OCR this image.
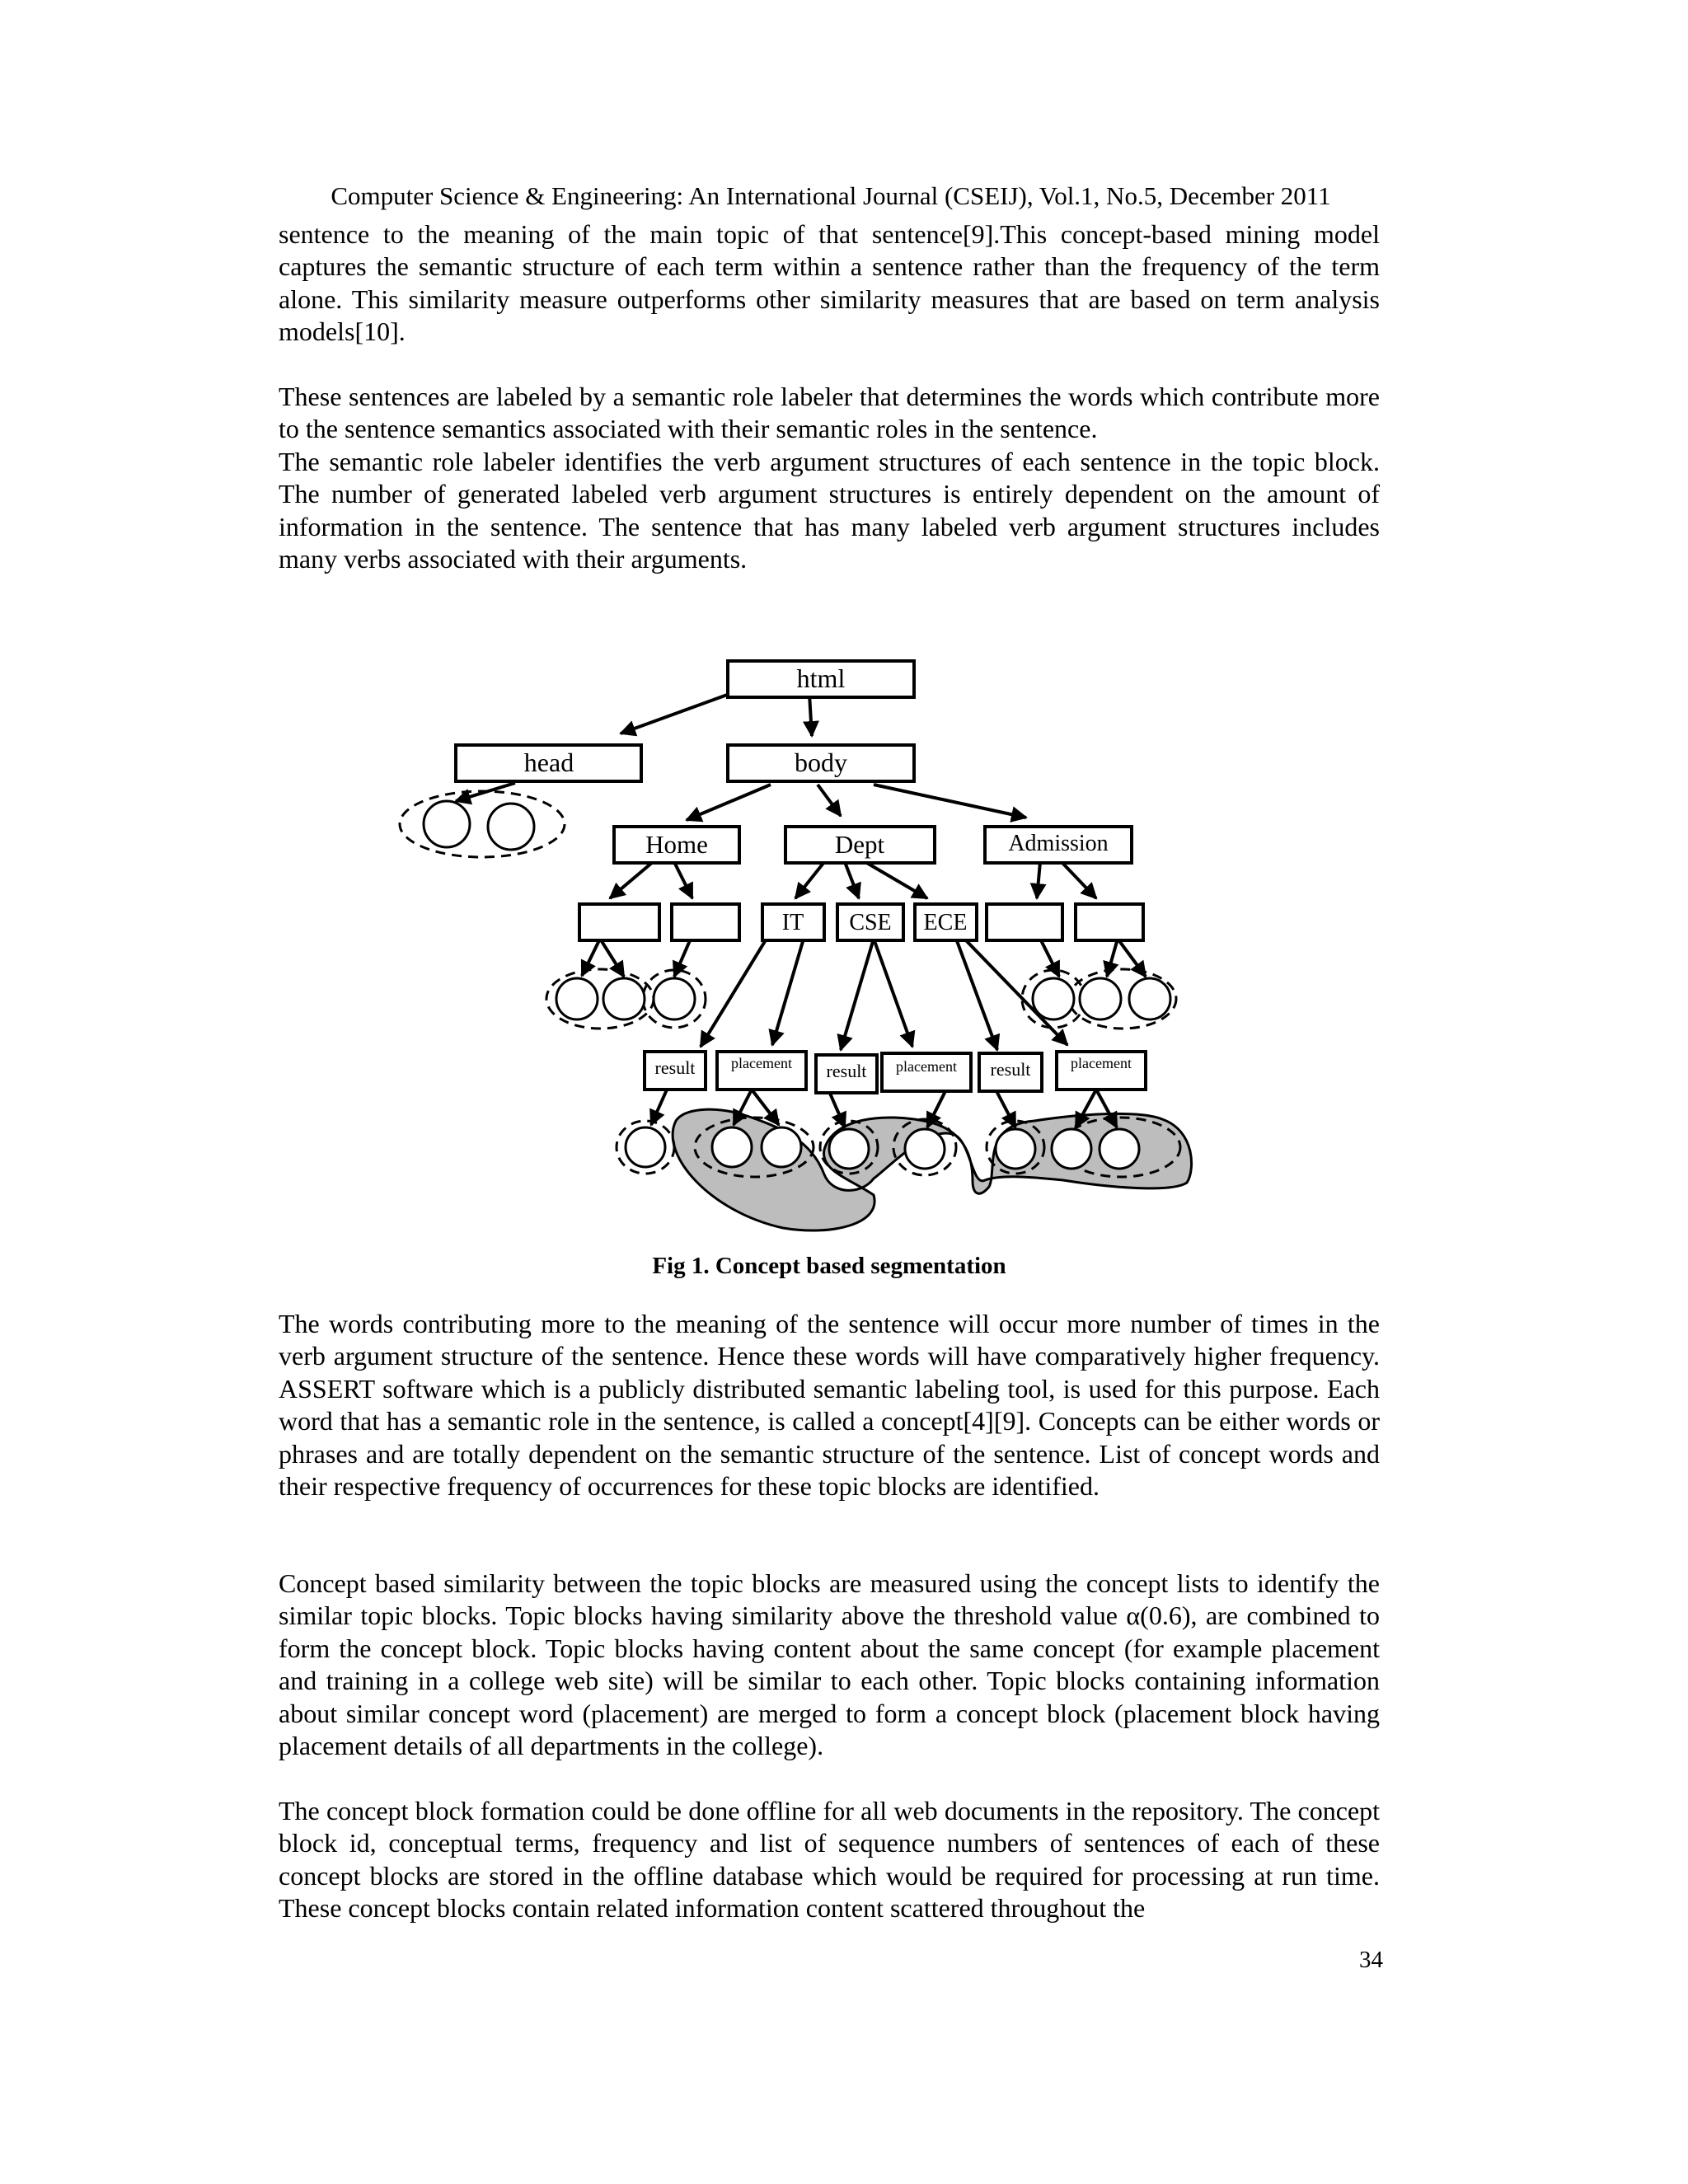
Computer Science & Engineering: An International Journal (CSEIJ), Vol.1, No.5, December 2011

sentence to the meaning of the main topic of that sentence[9].This concept-based mining model captures the semantic structure of each term within a sentence rather than the frequency of the term alone. This similarity measure outperforms other similarity measures that are based on term analysis models[10].

These sentences are labeled by a semantic role labeler that determines the words which contribute more to the sentence semantics associated with their semantic roles in the sentence.

The semantic role labeler identifies the verb argument structures of each sentence in the topic block. The number of generated labeled verb argument structures is entirely dependent on the amount of information in the sentence. The sentence that has many labeled verb argument structures includes many verbs associated with their arguments.

html
head	body
Home	Dept	Admission
IT CSE ECE
result placement result placement result	placement
Fig 1. Concept based segmentation

The words contributing more to the meaning of the sentence will occur more number of times in the verb argument structure of the sentence. Hence these words will have comparatively higher frequency. ASSERT software which is a publicly distributed semantic labeling tool, is used for this purpose. Each word that has a semantic role in the sentence, is called a concept[4][9]. Concepts can be either words or phrases and are totally dependent on the semantic structure of the sentence. List of concept words and their respective frequency of occurrences for these topic blocks are identified.

Concept based similarity between the topic blocks are measured using the concept lists to identify the similar topic blocks. Topic blocks having similarity above the threshold value α(0.6), are combined to form the concept block. Topic blocks having content about the same concept (for example placement and training in a college web site) will be similar to each other. Topic blocks containing information about similar concept word (placement) are merged to form a concept block (placement block having placement details of all departments in the college).

The concept block formation could be done offline for all web documents in the repository. The concept block id, conceptual terms, frequency and list of sequence numbers of sentences of each of these concept blocks are stored in the offline database which would be required for processing at run time. These concept blocks contain related information content scattered throughout the

34
